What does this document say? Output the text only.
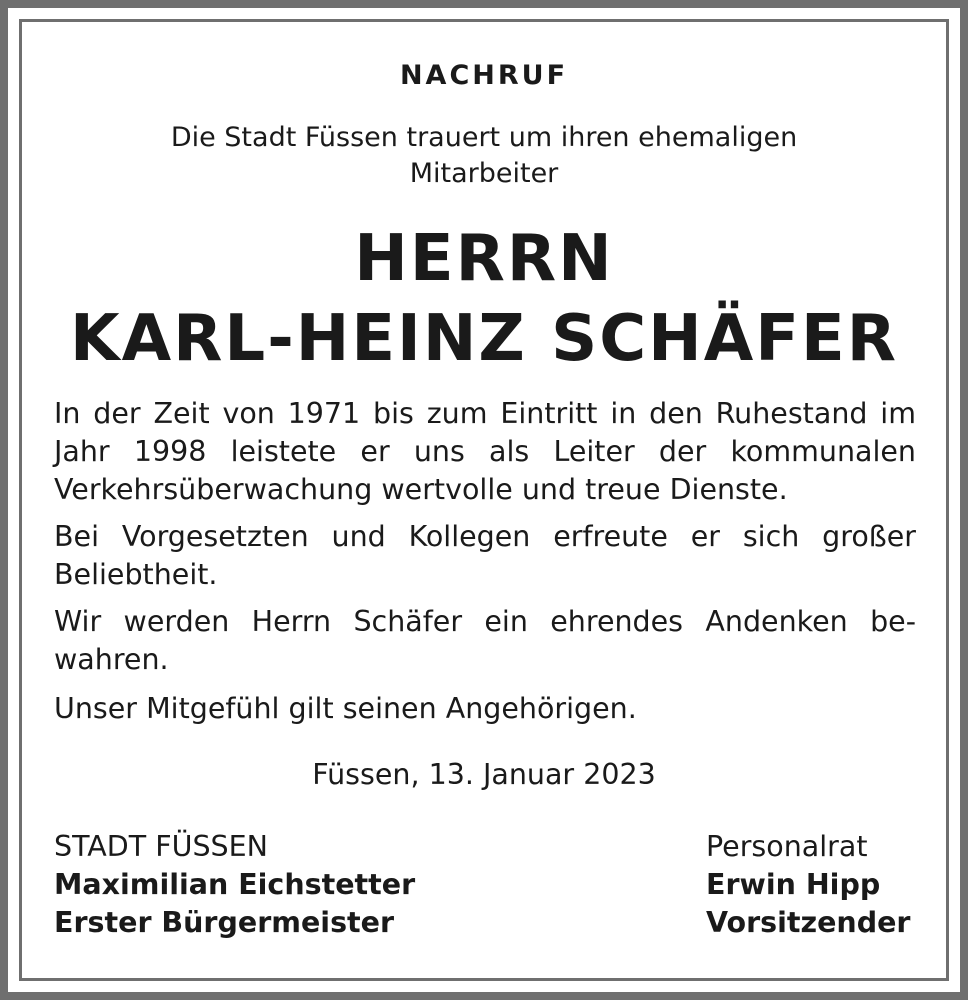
NACHRUF
Die Stadt Füssen trauert um ihren ehemaligen
Mitarbeiter
HERRN
KARL-HEINZ SCHÄFER
In der Zeit von 1971 bis zum Eintritt in den Ruhestand im Jahr 1998 leistete er uns als Leiter der kommunalen Verkehrsüberwachung wertvolle und treue Dienste.
Bei Vorgesetzten und Kollegen erfreute er sich großer Beliebtheit.
Wir werden Herrn Schäfer ein ehrendes Andenken bewahren.
Unser Mitgefühl gilt seinen Angehörigen.
Füssen, 13. Januar 2023
STADT FÜSSEN
Maximilian Eichstetter
Erster Bürgermeister
Personalrat
Erwin Hipp
Vorsitzender
